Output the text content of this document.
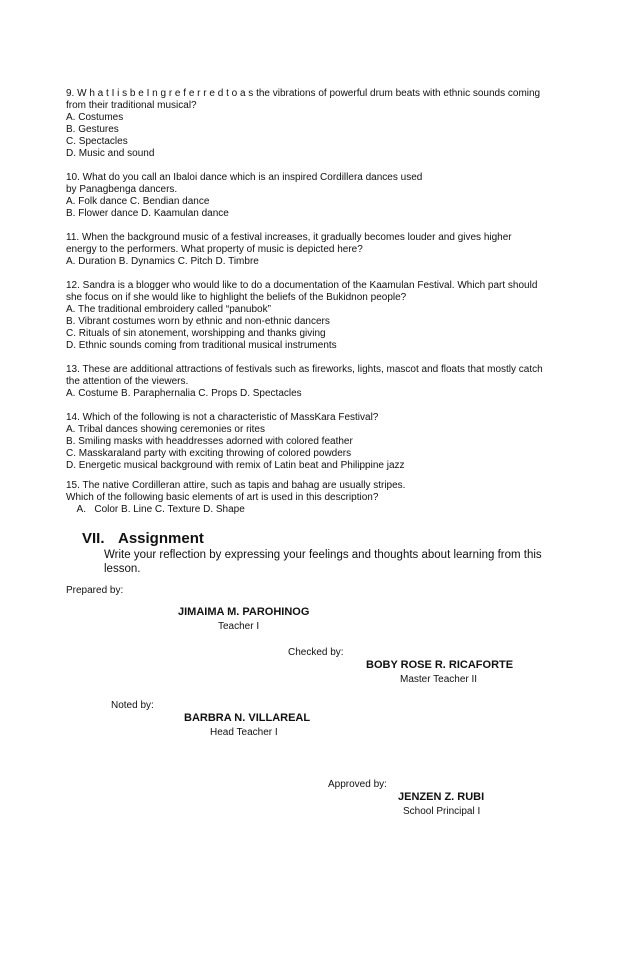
9. W h a t I i s b e I n g r e f e r r e d t o a s the vibrations of powerful drum beats with ethnic sounds coming
from their traditional musical?
A. Costumes
B. Gestures
C. Spectacles
D. Music and sound
10. What do you call an Ibaloi dance which is an inspired Cordillera dances used
by Panagbenga dancers.
A. Folk dance C. Bendian dance
B. Flower dance D. Kaamulan dance
11. When the background music of a festival increases, it gradually becomes louder and gives higher
energy to the performers. What property of music is depicted here?
A. Duration B. Dynamics C. Pitch D. Timbre
12. Sandra is a blogger who would like to do a documentation of the Kaamulan Festival. Which part should
she focus on if she would like to highlight the beliefs of the Bukidnon people?
A. The traditional embroidery called “panubok”
B. Vibrant costumes worn by ethnic and non-ethnic dancers
C. Rituals of sin atonement, worshipping and thanks giving
D. Ethnic sounds coming from traditional musical instruments
13. These are additional attractions of festivals such as fireworks, lights, mascot and floats that mostly catch
the attention of the viewers.
A. Costume B. Paraphernalia C. Props D. Spectacles
14. Which of the following is not a characteristic of MassKara Festival?
A. Tribal dances showing ceremonies or rites
B. Smiling masks with headdresses adorned with colored feather
C. Masskaraland party with exciting throwing of colored powders
D. Energetic musical background with remix of Latin beat and Philippine jazz
15. The native Cordilleran attire, such as tapis and bahag are usually stripes.
Which of the following basic elements of art is used in this description?
A.   Color B. Line C. Texture D. Shape
VII. Assignment
Write your reflection by expressing your feelings and thoughts about learning from this lesson.
Prepared by:
JIMAIMA M. PAROHINOG
Teacher I
Checked by:
BOBY ROSE R. RICAFORTE
Master Teacher II
Noted by:
BARBRA N. VILLAREAL
Head Teacher I
Approved by:
JENZEN Z. RUBI
School Principal I
